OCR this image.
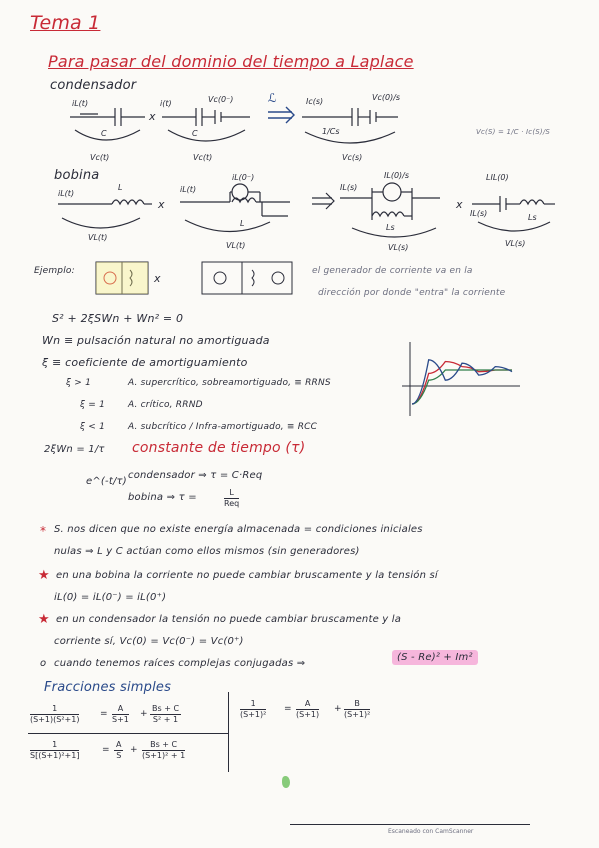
Tema 1
Para pasar del dominio del tiempo a Laplace
condensador
iL(t)
C
Vc(t)
x
i(t)	Vc(0⁻)
C
Vc(t)
ℒ	Ic(s)	Vc(0)/s
1/Cs
Vc(s)
Vc(S) = 1/C · Ic(S)/S
bobina
iL(t)
L
VL(t)
x
iL(t)
iL(0⁻)
L
VL(t)
IL(s)
IL(0)/s
Ls
VL(s)
x
LIL(0)
IL(s)	Ls
VL(s)
Ejemplo:
x
el generador de corriente va en la
dirección por donde "entra" la corriente
S² + 2ξSWn + Wn² = 0
Wn ≡ pulsación natural no amortiguada
ξ ≡ coeficiente de amortiguamiento
ξ > 1	A. supercrítico, sobreamortiguado, ≡ RRNS
ξ = 1	A. crítico, RRND
ξ < 1	A. subcrítico / Infra-amortiguado, ≡ RCC
2ξWn = 1/τ constante de tiempo (τ)
e^(-t/τ)
condensador ⇒ τ = C·Req
bobina ⇒ τ =	L
Req
* S. nos dicen que no existe energía almacenada = condiciones iniciales
nulas ⇒ L y C actúan como ellos mismos (sin generadores)
★ en una bobina la corriente no puede cambiar bruscamente y la tensión sí
iL(0) = iL(0⁻) = iL(0⁺)
★ en un condensador la tensión no puede cambiar bruscamente y la
corriente sí, Vc(0) = Vc(0⁻) = Vc(0⁺)
o cuando tenemos raíces complejas conjugadas ⇒
(S - Re)² + Im²
Fracciones simples
$\frac{1}{\text{(S+1)(S²+1)}} = \frac{A}{S+1} + \frac{Bs + C}{\text{S² + 1}}$	$\frac{1}{\text{(S+1)²}} = \frac{A}{(S+1)} + \frac{B}{\text{(S+1)²}}$
$\frac{1}{\text{S[(S+1)²+1]}}$	= $\frac{A}{S} + \frac{Bs + C}{\text{(S+1)² + 1}}$
Escaneado con CamScanner
